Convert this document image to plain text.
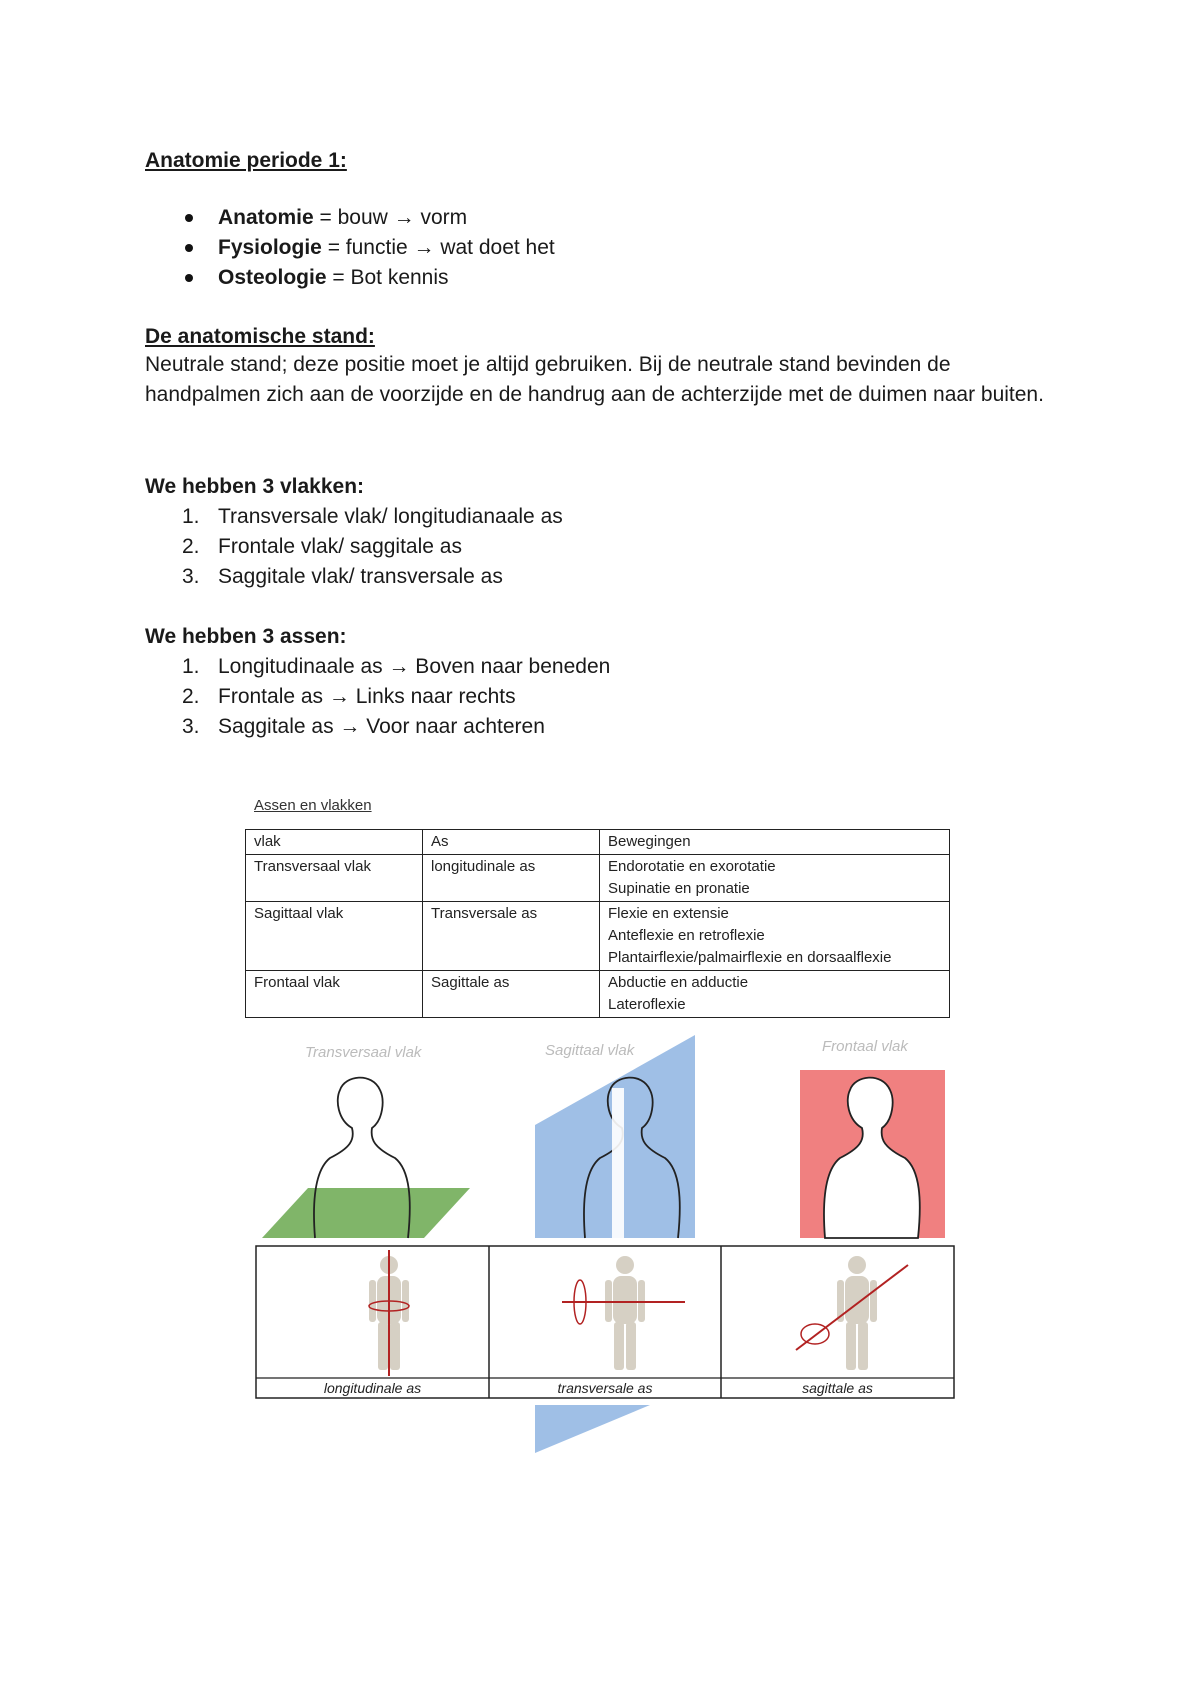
Anatomie periode 1:
Anatomie = bouw → vorm
Fysiologie = functie → wat doet het
Osteologie = Bot kennis
De anatomische stand:
Neutrale stand; deze positie moet je altijd gebruiken. Bij de neutrale stand bevinden de handpalmen zich aan de voorzijde en de handrug aan de achterzijde met de duimen naar buiten.
We hebben 3 vlakken:
1. Transversale vlak/ longitudianaale as
2. Frontale vlak/ saggitale as
3. Saggitale vlak/ transversale as
We hebben 3 assen:
1. Longitudinaale as → Boven naar beneden
2. Frontale as → Links naar rechts
3. Saggitale as → Voor naar achteren
Assen en vlakken
vlak	As	Bewegingen
Transversaal vlak	longitudinale as	Endorotatie en exorotatie
Supinatie en pronatie

Sagittaal vlak	Transversale as	Flexie en extensie
Anteflexie en retroflexie
Plantairflexie/palmairflexie en dorsaalflexie

Frontaal vlak	Sagittale as	Abductie en adductie
Lateroflexie
Transversaal vlak	Sagittaal vlak	Frontaal vlak
longitudinale as	transversale as	sagittale as
